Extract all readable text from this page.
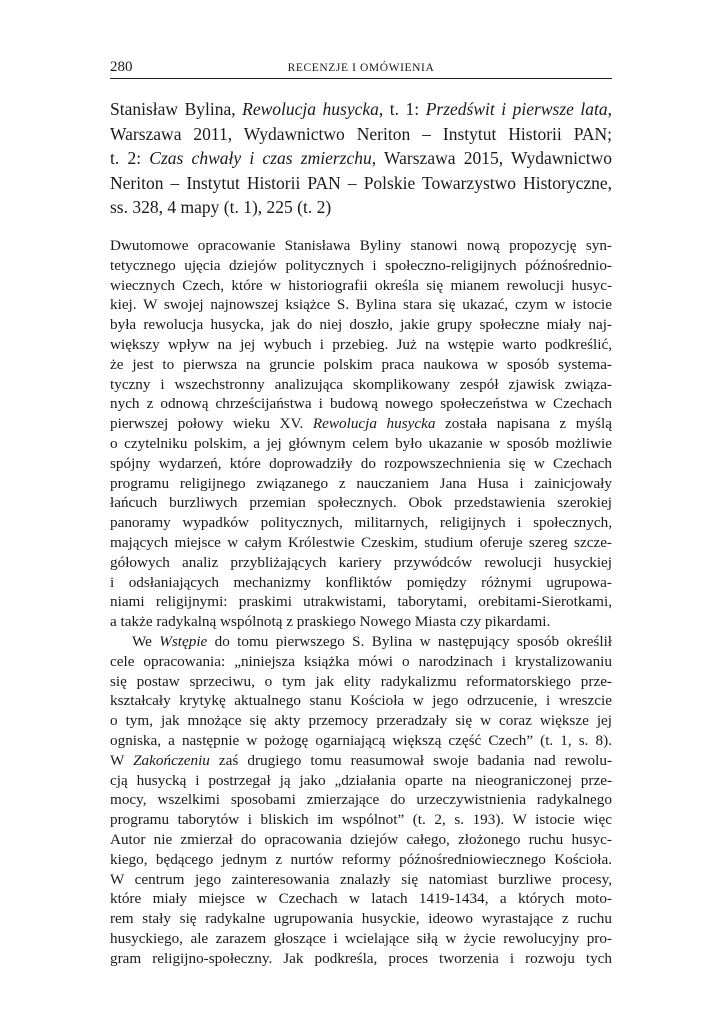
280	RECENZJE I OMÓWIENIA
Stanisław Bylina, Rewolucja husycka, t. 1: Przedświt i pierwsze lata,
Warszawa 2011, Wydawnictwo Neriton – Instytut Historii PAN;
t. 2: Czas chwały i czas zmierzchu, Warszawa 2015, Wydawnictwo
Neriton – Instytut Historii PAN – Polskie Towarzystwo Historyczne,
ss. 328, 4 mapy (t. 1), 225 (t. 2)
Dwutomowe opracowanie Stanisława Byliny stanowi nową propozycję syn-
tetycznego ujęcia dziejów politycznych i społeczno-religijnych późnośrednio-
wiecznych Czech, które w historiografii określa się mianem rewolucji husyc-
kiej. W swojej najnowszej książce S. Bylina stara się ukazać, czym w istocie
była rewolucja husycka, jak do niej doszło, jakie grupy społeczne miały naj-
większy wpływ na jej wybuch i przebieg. Już na wstępie warto podkreślić,
że jest to pierwsza na gruncie polskim praca naukowa w sposób systema-
tyczny i wszechstronny analizująca skomplikowany zespół zjawisk związa-
nych z odnową chrześcijaństwa i budową nowego społeczeństwa w Czechach
pierwszej połowy wieku XV. Rewolucja husycka została napisana z myślą
o czytelniku polskim, a jej głównym celem było ukazanie w sposób możliwie
spójny wydarzeń, które doprowadziły do rozpowszechnienia się w Czechach
programu religijnego związanego z nauczaniem Jana Husa i zainicjowały
łańcuch burzliwych przemian społecznych. Obok przedstawienia szerokiej
panoramy wypadków politycznych, militarnych, religijnych i społecznych,
mających miejsce w całym Królestwie Czeskim, studium oferuje szereg szcze-
gółowych analiz przybliżających kariery przywódców rewolucji husyckiej
i odsłaniających mechanizmy konfliktów pomiędzy różnymi ugrupowa-
niami religijnymi: praskimi utrakwistami, taborytami, orebitami-Sierotkami,
a także radykalną wspólnotą z praskiego Nowego Miasta czy pikardami.
We Wstępie do tomu pierwszego S. Bylina w następujący sposób określił
cele opracowania: „niniejsza książka mówi o narodzinach i krystalizowaniu
się postaw sprzeciwu, o tym jak elity radykalizmu reformatorskiego prze-
kształcały krytykę aktualnego stanu Kościoła w jego odrzucenie, i wreszcie
o tym, jak mnożące się akty przemocy przeradzały się w coraz większe jej
ogniska, a następnie w pożogę ogarniającą większą część Czech” (t. 1, s. 8).
W Zakończeniu zaś drugiego tomu reasumował swoje badania nad rewolu-
cją husycką i postrzegał ją jako „działania oparte na nieograniczonej prze-
mocy, wszelkimi sposobami zmierzające do urzeczywistnienia radykalnego
programu taborytów i bliskich im wspólnot” (t. 2, s. 193). W istocie więc
Autor nie zmierzał do opracowania dziejów całego, złożonego ruchu husyc-
kiego, będącego jednym z nurtów reformy późnośredniowiecznego Kościoła.
W centrum jego zainteresowania znalazły się natomiast burzliwe procesy,
które miały miejsce w Czechach w latach 1419-1434, a których moto-
rem stały się radykalne ugrupowania husyckie, ideowo wyrastające z ruchu
husyckiego, ale zarazem głoszące i wcielające siłą w życie rewolucyjny pro-
gram religijno-społeczny. Jak podkreśla, proces tworzenia i rozwoju tych
